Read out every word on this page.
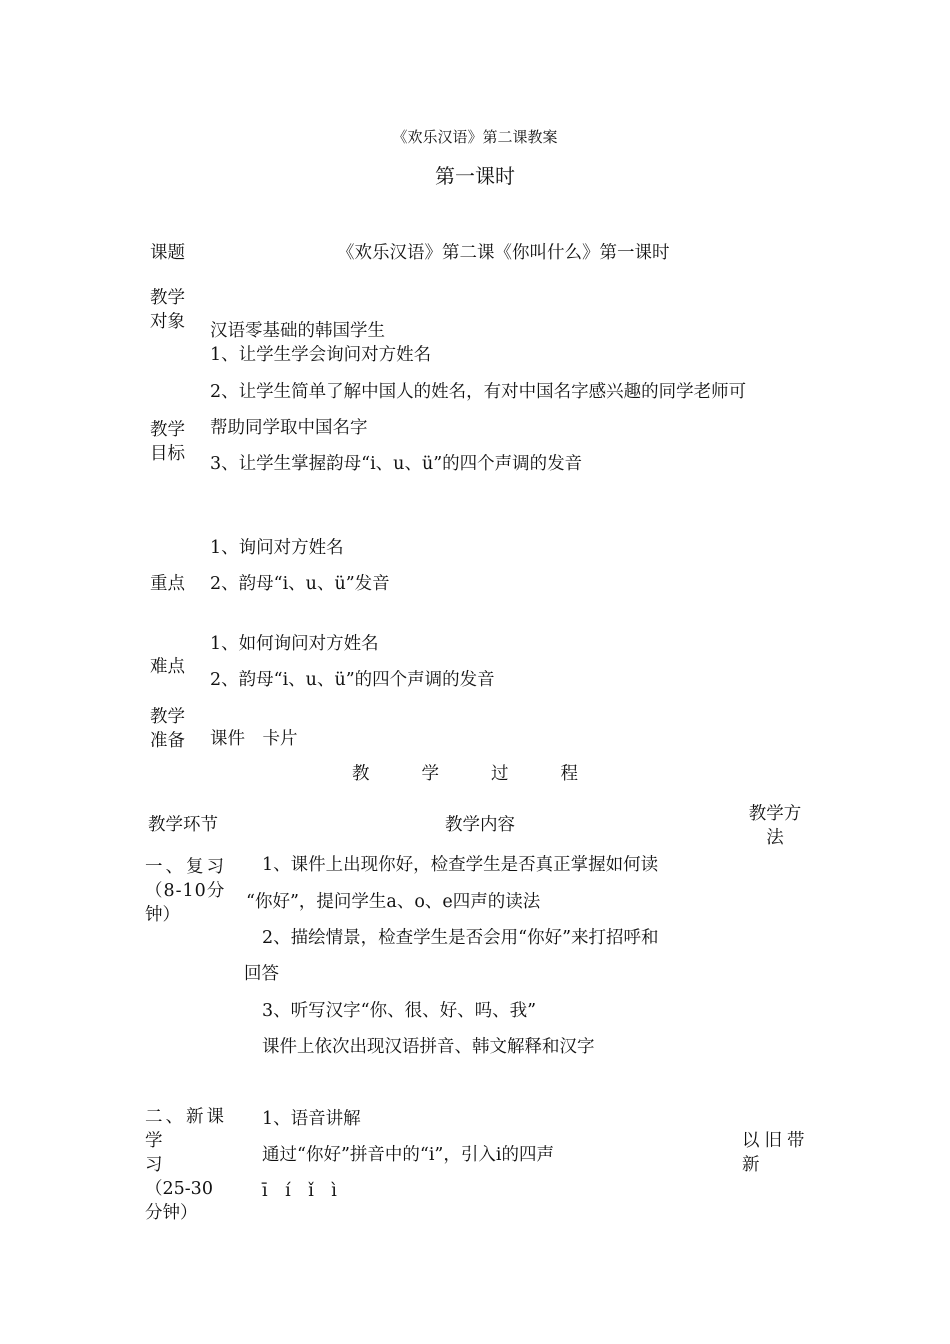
《欢乐汉语》第二课教案
第一课时
课题	《欢乐汉语》第二课《你叫什么》第一课时
教学
对象 汉语零基础的韩国学生
1、让学生学会询问对方姓名
2、让学生简单了解中国人的姓名，有对中国名字感兴趣的同学老师可
教学
目标
帮助同学取中国名字
3、让学生掌握韵母“i、u、ü”的四个声调的发音
1、询问对方姓名
重点 2、韵母“i、u、ü”发音
1、如何询问对方姓名
难点
2、韵母“i、u、ü”的四个声调的发音
教学
准备 课件　卡片
教学过程
教学环节	教学内容
教学方
法
一、复习
（8-10分
钟）
1、课件上出现你好，检查学生是否真正掌握如何读
“你好”，提问学生a、o、e四声的读法
2、描绘情景，检查学生是否会用“你好”来打招呼和
回答
3、听写汉字“你、很、好、吗、我”
课件上依次出现汉语拼音、韩文解释和汉字
二、新课
学习
（25-30
分钟）
1、语音讲解
通过“你好”拼音中的“i”，引入i的四声
ī　í　ǐ　ì
以旧带
新
